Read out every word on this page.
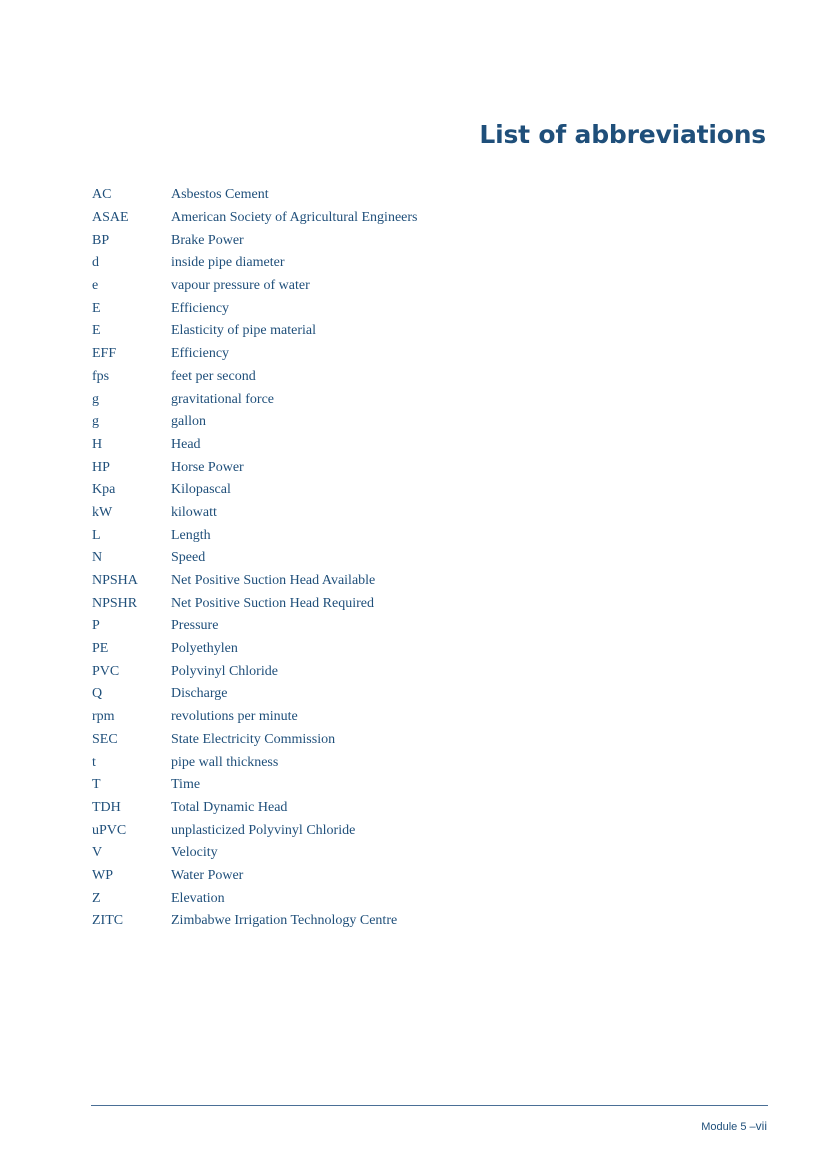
List of abbreviations
AC	Asbestos Cement
ASAE	American Society of Agricultural Engineers
BP	Brake Power
d	inside pipe diameter
e	vapour pressure of water
E	Efficiency
E	Elasticity of pipe material
EFF	Efficiency
fps	feet per second
g	gravitational force
g	gallon
H	Head
HP	Horse Power
Kpa	Kilopascal
kW	kilowatt
L	Length
N	Speed
NPSHA	Net Positive Suction Head Available
NPSHR	Net Positive Suction Head Required
P	Pressure
PE	Polyethylen
PVC	Polyvinyl Chloride
Q	Discharge
rpm	revolutions per minute
SEC	State Electricity Commission
t	pipe wall thickness
T	Time
TDH	Total Dynamic Head
uPVC	unplasticized Polyvinyl Chloride
V	Velocity
WP	Water Power
Z	Elevation
ZITC	Zimbabwe Irrigation Technology Centre
Module 5 –vii
